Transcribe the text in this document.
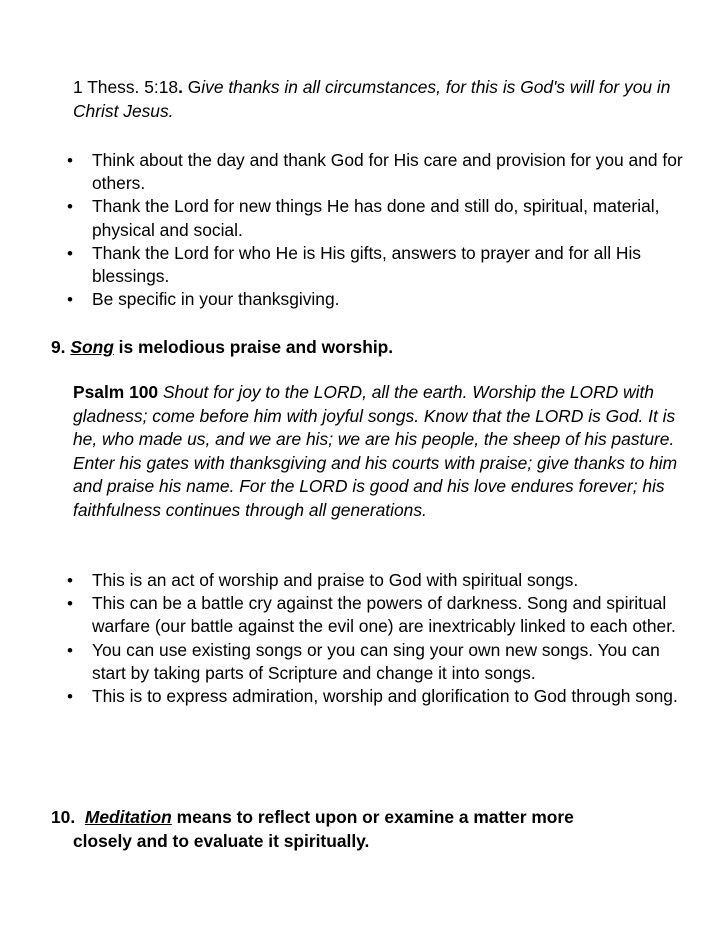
1 Thess. 5:18. Give thanks in all circumstances, for this is God's will for you in Christ Jesus.
• Think about the day and thank God for His care and provision for you and for others.
• Thank the Lord for new things He has done and still do, spiritual, material, physical and social.
• Thank the Lord for who He is His gifts, answers to prayer and for all His blessings.
• Be specific in your thanksgiving.
9. Song is melodious praise and worship.
Psalm 100 Shout for joy to the LORD, all the earth. Worship the LORD with gladness; come before him with joyful songs. Know that the LORD is God. It is he, who made us, and we are his; we are his people, the sheep of his pasture. Enter his gates with thanksgiving and his courts with praise; give thanks to him and praise his name. For the LORD is good and his love endures forever; his faithfulness continues through all generations.
• This is an act of worship and praise to God with spiritual songs.
• This can be a battle cry against the powers of darkness. Song and spiritual warfare (our battle against the evil one) are inextricably linked to each other.
• You can use existing songs or you can sing your own new songs. You can start by taking parts of Scripture and change it into songs.
• This is to express admiration, worship and glorification to God through song.
10. Meditation means to reflect upon or examine a matter more
closely and to evaluate it spiritually.
